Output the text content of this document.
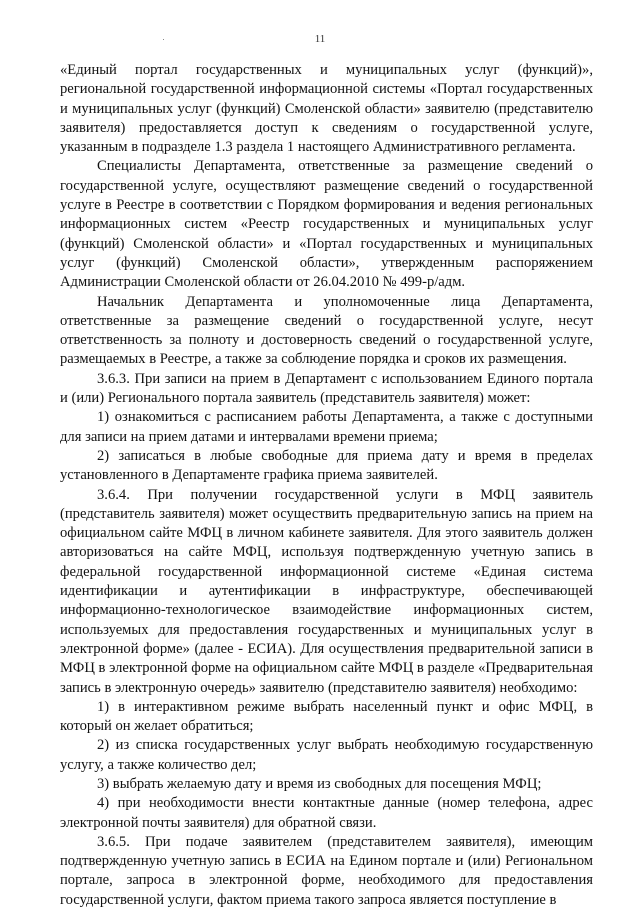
11

«Единый портал государственных и муниципальных услуг (функций)», региональной государственной информационной системы «Портал государственных и муниципальных услуг (функций) Смоленской области» заявителю (представителю заявителя) предоставляется доступ к сведениям о государственной услуге, указанным в подразделе 1.3 раздела 1 настоящего Административного регламента.

Специалисты Департамента, ответственные за размещение сведений о государственной услуге, осуществляют размещение сведений о государственной услуге в Реестре в соответствии с Порядком формирования и ведения региональных информационных систем «Реестр государственных и муниципальных услуг (функций) Смоленской области» и «Портал государственных и муниципальных услуг (функций) Смоленской области», утвержденным распоряжением Администрации Смоленской области от 26.04.2010 № 499-р/адм.

Начальник Департамента и уполномоченные лица Департамента, ответственные за размещение сведений о государственной услуге, несут ответственность за полноту и достоверность сведений о государственной услуге, размещаемых в Реестре, а также за соблюдение порядка и сроков их размещения.

3.6.3. При записи на прием в Департамент с использованием Единого портала и (или) Регионального портала заявитель (представитель заявителя) может:

1) ознакомиться с расписанием работы Департамента, а также с доступными для записи на прием датами и интервалами времени приема;

2) записаться в любые свободные для приема дату и время в пределах установленного в Департаменте графика приема заявителей.

3.6.4. При получении государственной услуги в МФЦ заявитель (представитель заявителя) может осуществить предварительную запись на прием на официальном сайте МФЦ в личном кабинете заявителя. Для этого заявитель должен авторизоваться на сайте МФЦ, используя подтвержденную учетную запись в федеральной государственной информационной системе «Единая система идентификации и аутентификации в инфраструктуре, обеспечивающей информационно-технологическое взаимодействие информационных систем, используемых для предоставления государственных и муниципальных услуг в электронной форме» (далее - ЕСИА). Для осуществления предварительной записи в МФЦ в электронной форме на официальном сайте МФЦ в разделе «Предварительная запись в электронную очередь» заявителю (представителю заявителя) необходимо:

1) в интерактивном режиме выбрать населенный пункт и офис МФЦ, в который он желает обратиться;

2) из списка государственных услуг выбрать необходимую государственную услугу, а также количество дел;

3) выбрать желаемую дату и время из свободных для посещения МФЦ;

4) при необходимости внести контактные данные (номер телефона, адрес электронной почты заявителя) для обратной связи.

3.6.5. При подаче заявителем (представителем заявителя), имеющим подтвержденную учетную запись в ЕСИА на Едином портале и (или) Региональном портале, запроса в электронной форме, необходимого для предоставления государственной услуги, фактом приема такого запроса является поступление в
